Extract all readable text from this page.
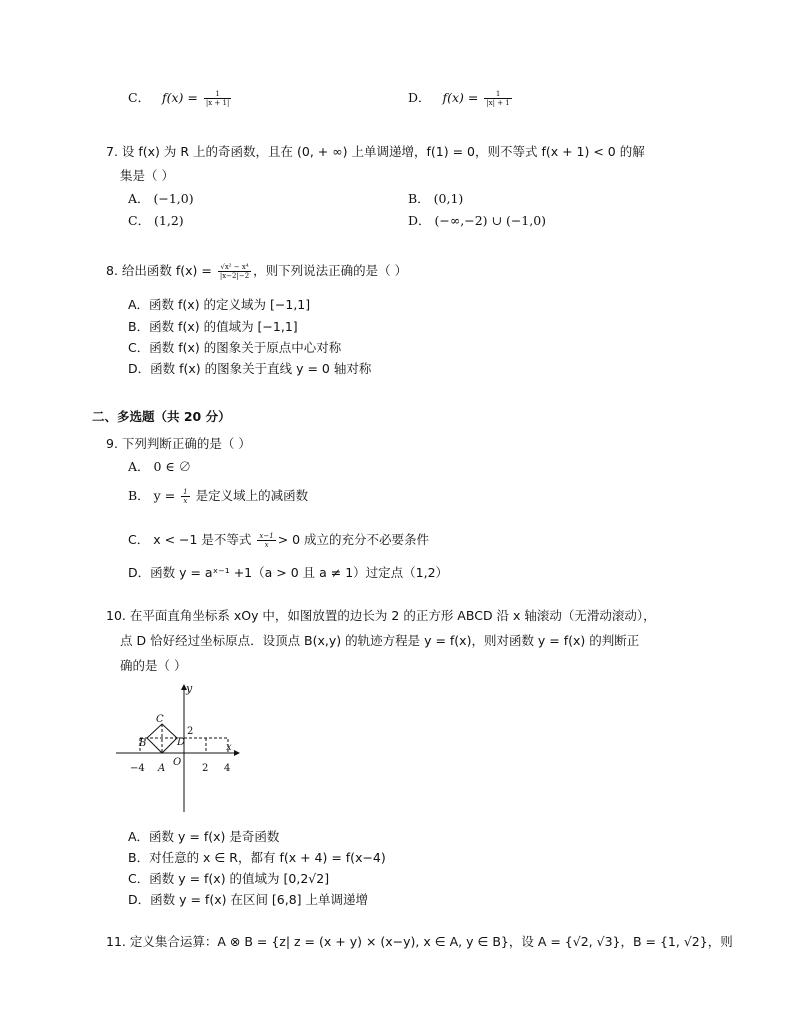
C． $f(x) = \frac{1}{|x + 1|}$	D． $f(x) = \frac{1}{|x| + 1}$
7. 设 f(x) 为 R 上的奇函数，且在 (0, + ∞) 上单调递增，f(1) = 0，则不等式 f(x + 1) < 0 的解
集是（ ）
A． (−1,0)	B． (0,1)
C． (1,2)	D． (−∞,−2) ∪ (−1,0)
8. 给出函数 $f(x) = \frac{\text{√x² − x⁴}}{|x-2|-2}$ ，则下列说法正确的是（ ）
A．函数 f(x) 的定义域为 [−1,1]
B．函数 f(x) 的值域为 [−1,1]
C．函数 f(x) 的图象关于原点中心对称
D．函数 f(x) 的图象关于直线 y = 0 轴对称
二、多选题（共 20 分）
9. 下列判断正确的是（ ）
A． 0 ∈ ∅
B． $y = \frac{1}{x}$ 是定义域上的减函数
C． x < −1 是不等式 $\frac{x-1}{x} > 0$ 成立的充分不必要条件
D．函数 y = aˣ⁻¹ +1（a > 0 且 a ≠ 1）过定点（1,2）
10. 在平面直角坐标系 xOy 中，如图放置的边长为 2 的正方形 ABCD 沿 x 轴滚动（无滑动滚动），
点 D 恰好经过坐标原点．设顶点 B(x,y) 的轨迹方程是 y = f(x)，则对函数 y = f(x) 的判断正
确的是（ ）
y
x
O
A
B
C
D
−4	2 4
2
A．函数 y = f(x) 是奇函数
B．对任意的 x ∈ R，都有 f(x + 4) = f(x−4)
C．函数 y = f(x) 的值域为 [0,2√2]
D．函数 y = f(x) 在区间 [6,8] 上单调递增
11. 定义集合运算：A ⊗ B = {z| z = (x + y) × (x−y), x ∈ A, y ∈ B}，设 A = {√2, √3}，B = {1, √2}，则
